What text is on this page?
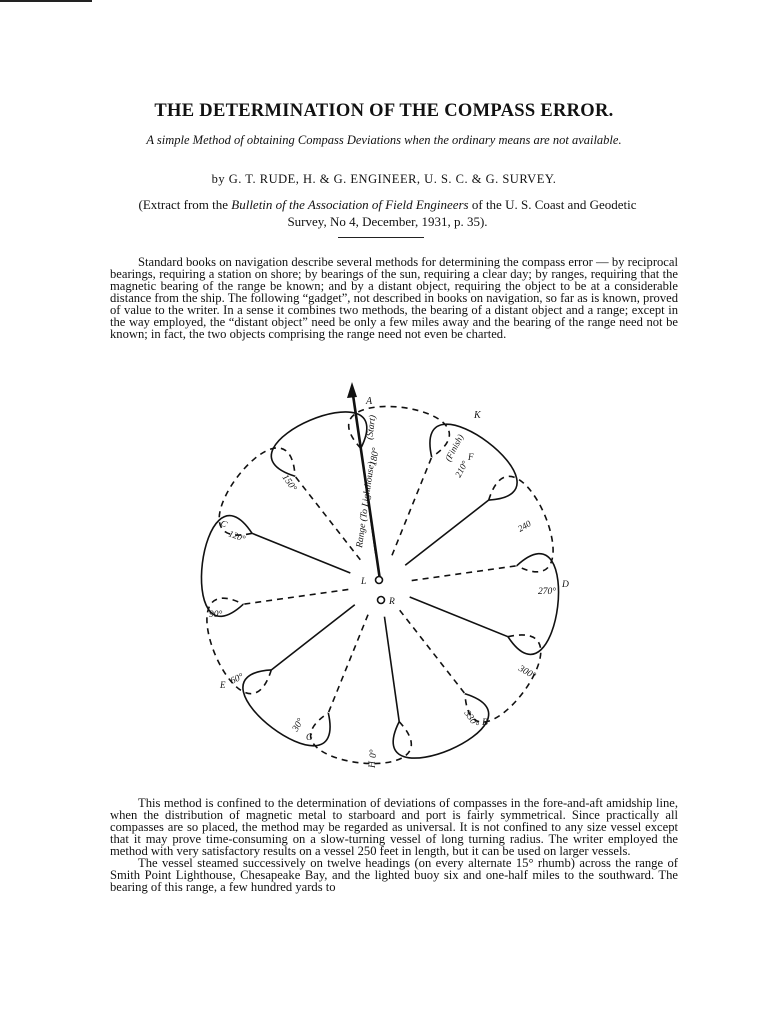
THE DETERMINATION OF THE COMPASS ERROR.
A simple Method of obtaining Compass Deviations when the ordinary means are not available.
by G. T. RUDE, H. & G. ENGINEER, U. S. C. & G. SURVEY.
(Extract from the Bulletin of the Association of Field Engineers of the U. S. Coast and Geodetic Survey, No 4, December, 1931, p. 35).

Standard books on navigation describe several methods for determining the compass error — by reciprocal bearings, requiring a station on shore; by bearings of the sun, requiring a clear day; by ranges, requiring that the magnetic bearing of the range be known; and by a distant object, requiring the object to be at a considerable distance from the ship. The following “gadget”, not described in books on navigation, so far as is known, proved of value to the writer. In a sense it combines two methods, the bearing of a distant object and a range; except in the way employed, the “distant object” need be only a few miles away and the bearing of the range need not be known; in fact, the two objects comprising the range need not even be charted.

A
(Start)
180°
Range (To Lighthouse)
K
(Finish)
210°
F
240
270°
D
300°
330° B
0°
H
30°
G
60°
E
90°
120°
C
150°
L
R

This method is confined to the determination of deviations of compasses in the fore-and-aft amidship line, when the distribution of magnetic metal to starboard and port is fairly symmetrical. Since practically all compasses are so placed, the method may be regarded as universal. It is not confined to any size vessel except that it may prove time-consuming on a slow-turning vessel of long turning radius. The writer employed the method with very satisfactory results on a vessel 250 feet in length, but it can be used on larger vessels.

The vessel steamed successively on twelve headings (on every alternate 15° rhumb) across the range of Smith Point Lighthouse, Chesapeake Bay, and the lighted buoy six and one-half miles to the southward. The bearing of this range, a few hundred yards to
